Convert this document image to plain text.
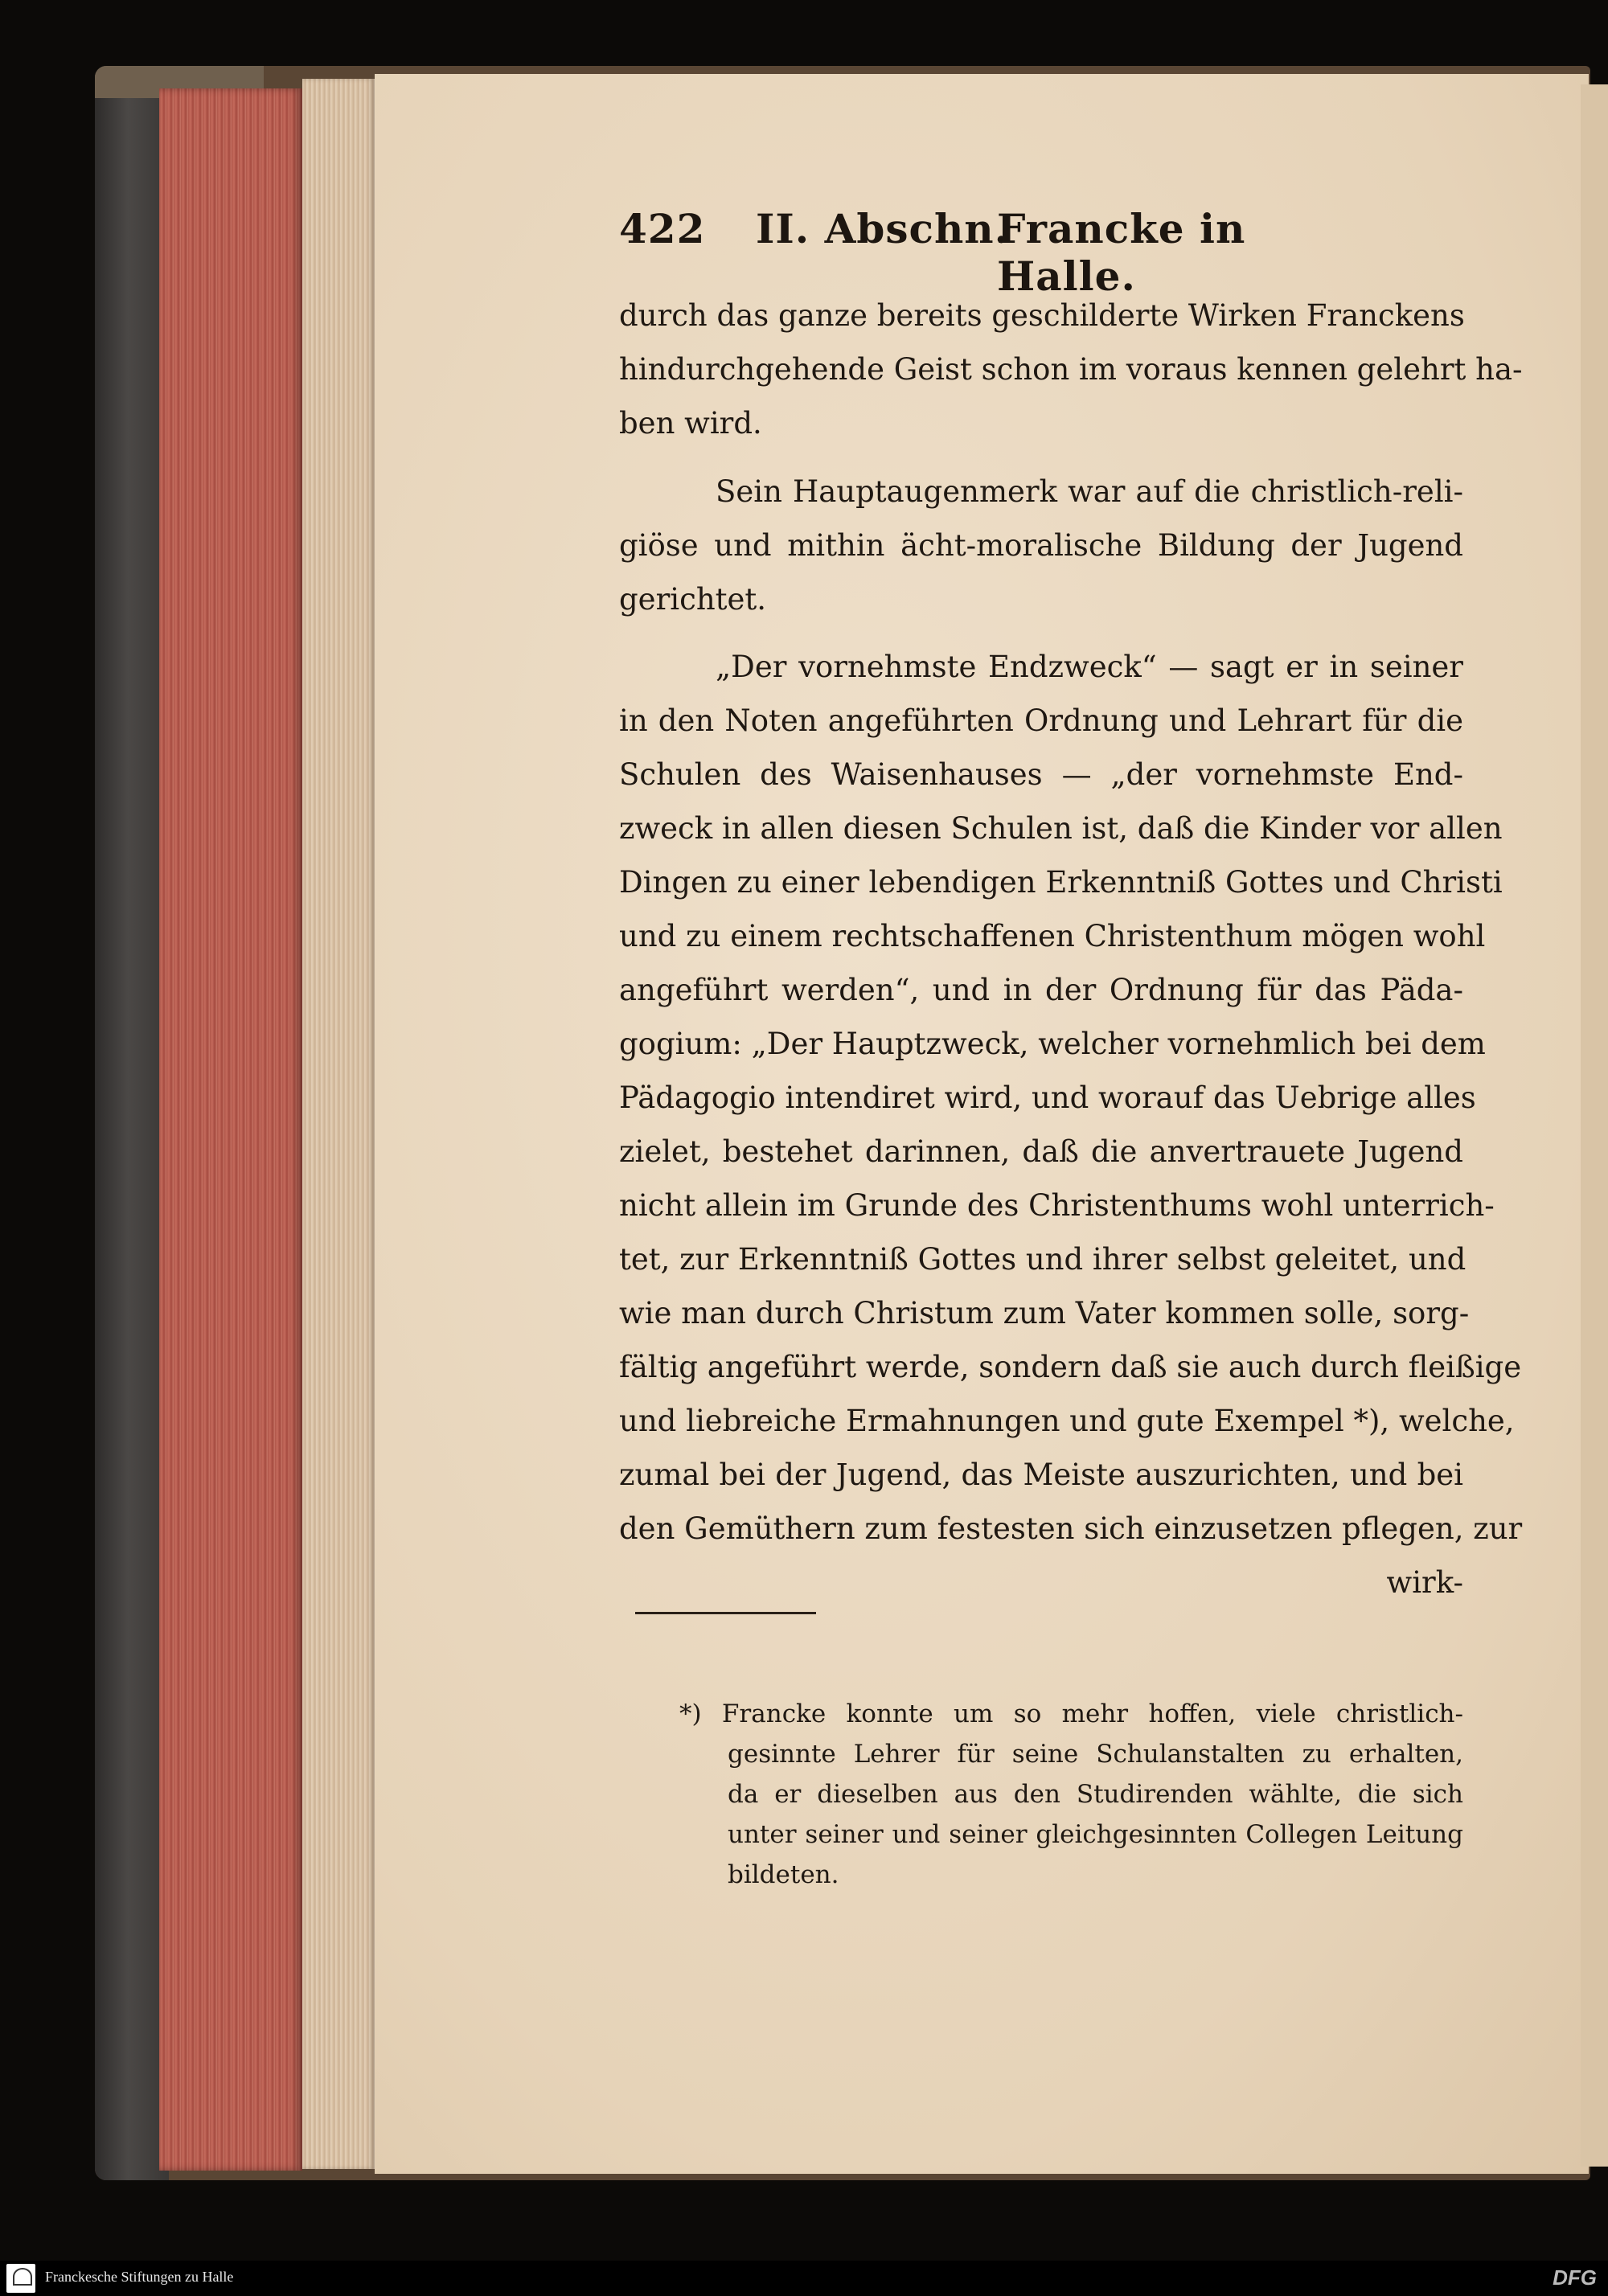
422 II. Abschn.
Francke in Halle.
durch das ganze bereits geschilderte Wirken Franckens
hindurchgehende Geist schon im voraus kennen gelehrt ha-
ben wird.
Sein Hauptaugenmerk war auf die christlich-reli-
giöse und mithin ächt-moralische Bildung der Jugend
gerichtet.
„Der vornehmste Endzweck“ — sagt er in seiner
in den Noten angeführten Ordnung und Lehrart für die
Schulen des Waisenhauses — „der vornehmste End-
zweck in allen diesen Schulen ist, daß die Kinder vor allen
Dingen zu einer lebendigen Erkenntniß Gottes und Christi
und zu einem rechtschaffenen Christenthum mögen wohl
angeführt werden“, und in der Ordnung für das Päda-
gogium: „Der Hauptzweck, welcher vornehmlich bei dem
Pädagogio intendiret wird, und worauf das Uebrige alles
zielet, bestehet darinnen, daß die anvertrauete Jugend
nicht allein im Grunde des Christenthums wohl unterrich-
tet, zur Erkenntniß Gottes und ihrer selbst geleitet, und
wie man durch Christum zum Vater kommen solle, sorg-
fältig angeführt werde, sondern daß sie auch durch fleißige
und liebreiche Ermahnungen und gute Exempel *), welche,
zumal bei der Jugend, das Meiste auszurichten, und bei
den Gemüthern zum festesten sich einzusetzen pflegen, zur
wirk-
*) Francke konnte um so mehr hoffen, viele christlich-
gesinnte Lehrer für seine Schulanstalten zu erhalten,
da er dieselben aus den Studirenden wählte, die sich
unter seiner und seiner gleichgesinnten Collegen Leitung
bildeten.
Franckesche Stiftungen zu Halle	DFG
